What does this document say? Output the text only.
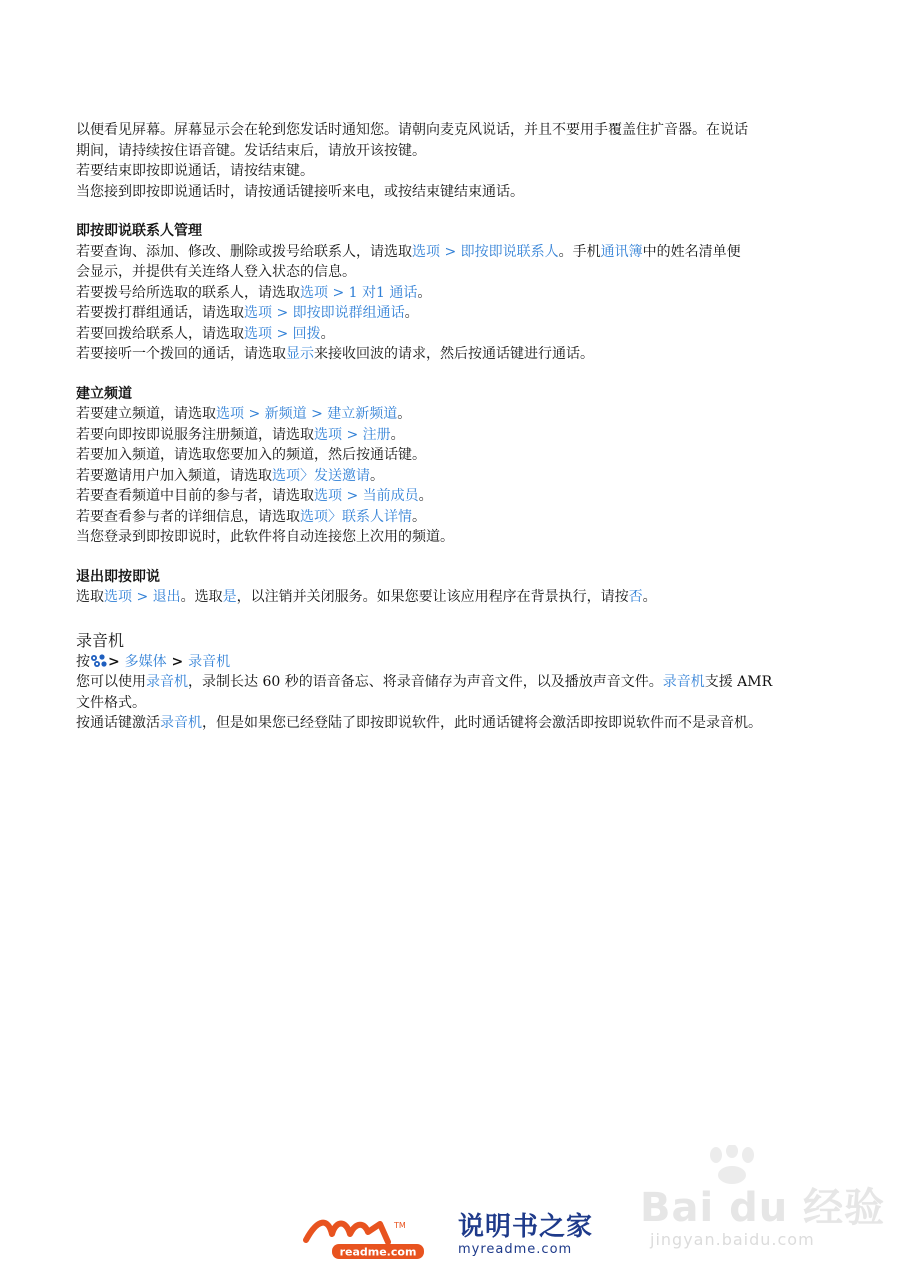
以便看见屏幕。屏幕显示会在轮到您发话时通知您。请朝向麦克风说话，并且不要用手覆盖住扩音器。在说话

期间，请持续按住语音键。发话结束后，请放开该按键。

若要结束即按即说通话，请按结束键。

当您接到即按即说通话时，请按通话键接听来电，或按结束键结束通话。

即按即说联系人管理

若要查询、添加、修改、删除或拨号给联系人，请选取选项 > 即按即说联系人。手机通讯簿中的姓名清单便

会显示，并提供有关连络人登入状态的信息。

若要拨号给所选取的联系人，请选取选项 > 1 对1 通话。

若要拨打群组通话，请选取选项 > 即按即说群组通话。

若要回拨给联系人，请选取选项 > 回拨。

若要接听一个拨回的通话，请选取显示来接收回波的请求，然后按通话键进行通话。

建立频道

若要建立频道，请选取选项 > 新频道 > 建立新频道。

若要向即按即说服务注册频道，请选取选项 > 注册。

若要加入频道，请选取您要加入的频道，然后按通话键。

若要邀请用户加入频道，请选取选项〉发送邀请。

若要查看频道中目前的参与者，请选取选项 > 当前成员。

若要查看参与者的详细信息，请选取选项〉联系人详情。

当您登录到即按即说时，此软件将自动连接您上次用的频道。

退出即按即说

选取选项 > 退出。选取是，以注销并关闭服务。如果您要让该应用程序在背景执行，请按否。

录音机

按 > 多媒体 > 录音机

您可以使用录音机，录制长达 60 秒的语音备忘、将录音储存为声音文件，以及播放声音文件。录音机支援 AMR

文件格式。

按通话键激活录音机，但是如果您已经登陆了即按即说软件，此时通话键将会激活即按即说软件而不是录音机。

Bai du 经验
jingyan.baidu.com
TM
readme.com
说明书之家
myreadme.com
